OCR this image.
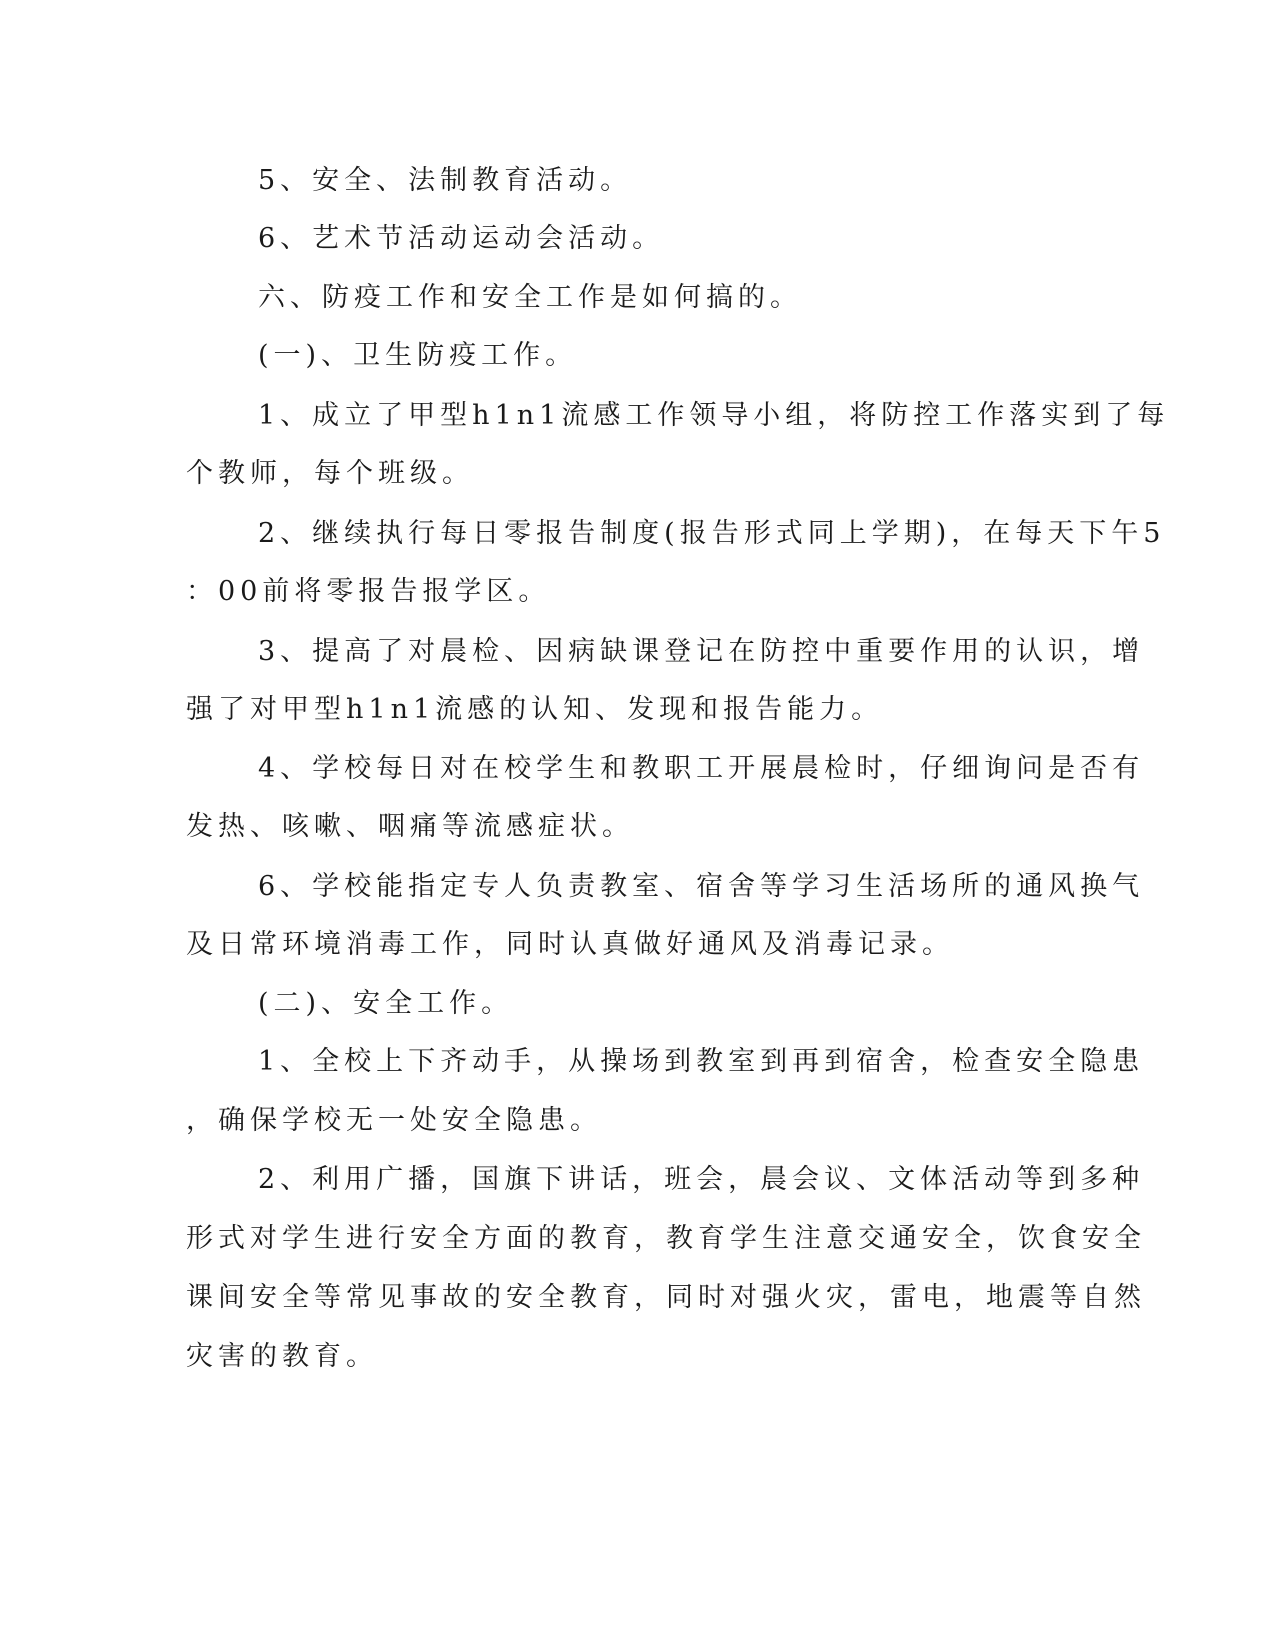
5、安全、法制教育活动。
6、艺术节活动运动会活动。
六、防疫工作和安全工作是如何搞的。
(一)、卫生防疫工作。
1、成立了甲型h1n1流感工作领导小组，将防控工作落实到了每
个教师，每个班级。
2、继续执行每日零报告制度(报告形式同上学期)，在每天下午5
：00前将零报告报学区。
3、提高了对晨检、因病缺课登记在防控中重要作用的认识，增
强了对甲型h1n1流感的认知、发现和报告能力。
4、学校每日对在校学生和教职工开展晨检时，仔细询问是否有
发热、咳嗽、咽痛等流感症状。
6、学校能指定专人负责教室、宿舍等学习生活场所的通风换气
及日常环境消毒工作，同时认真做好通风及消毒记录。
(二)、安全工作。
1、全校上下齐动手，从操场到教室到再到宿舍，检查安全隐患
，确保学校无一处安全隐患。
2、利用广播，国旗下讲话，班会，晨会议、文体活动等到多种
形式对学生进行安全方面的教育，教育学生注意交通安全，饮食安全
课间安全等常见事故的安全教育，同时对强火灾，雷电，地震等自然
灾害的教育。
